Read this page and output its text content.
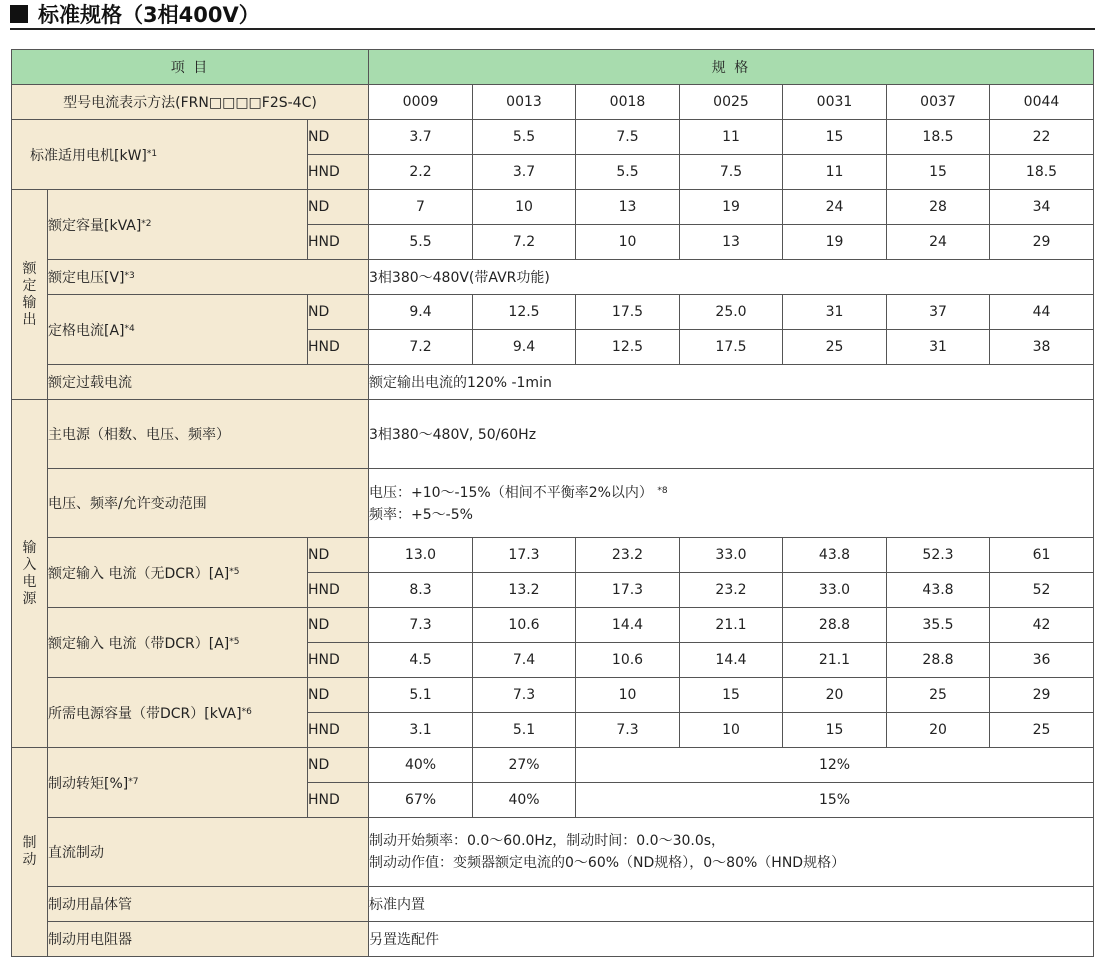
标准规格（3相400V）
项 目			规 格						
型号电流表示方法(FRN□□□□F2S-4C)			0009	0013	0018	0025	0031	0037	0044
标准适用电机[kW]$^{*1}$		ND	3.7	5.5	7.5	11	15	18.5	22
		HND	2.2	3.7	5.5	7.5	11	15	18.5
额定输出	额定容量[kVA]$^{*2}$	ND	7	10	13	19	24	28	34
		HND	5.5	7.2	10	13	19	24	29
	额定电压$[V]^{*3}$		3相380～480V(带AVR功能)						
	定格电流$[A]^{*4}$	ND	9.4	12.5	17.5	25.0	31	37	44
		HND	7.2	9.4	12.5	17.5	25	31	38
	额定过载电流		额定输出电流的120% -1min						
输入电源	主电源（相数、电压、频率）		3相380～480V, 50/60Hz						
	电压、频率/允许变动范围		电压：+10～-15%（相间不平衡率2%以内） $^{*8}$
频率：+5～-5%						

	额定输入 电流（无$DCR)[A]^{*5}$	ND	13.0	17.3	23.2	33.0	43.8	52.3	61
		HND	8.3	13.2	17.3	23.2	33.0	43.8	52
	额定输入 电流（带$DCR)[A]^{*5}$	ND	7.3	10.6	14.4	21.1	28.8	35.5	42
		HND	4.5	7.4	10.6	14.4	21.1	28.8	36
	所需电源容量（带DCR）[kVA]$^{*6}$	ND	5.1	7.3	10	15	20	25	29
		HND	3.1	5.1	7.3	10	15	20	25
制动	制动转矩[%]$^{*7}$	ND	40%	27%	12%				
		HND	67%	40%	15%				
	直流制动		制动开始频率：0.0～60.0Hz，制动时间：0.0～30.0s，
制动动作值：变频器额定电流的0～60%（ND规格），0～80%（HND规格）						

	制动用晶体管		标准内置						
	制动用电阻器		另置选配件						
